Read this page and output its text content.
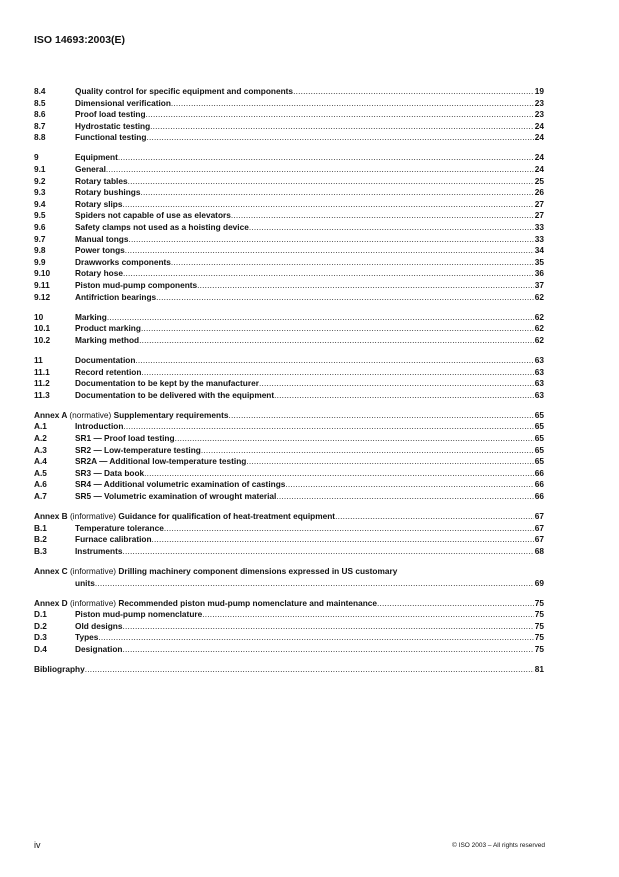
ISO 14693:2003(E)
8.4	Quality control for specific equipment and components .....	19
8.5	Dimensional verification .....	23
8.6	Proof load testing .....	23
8.7	Hydrostatic testing .....	24
8.8	Functional testing .....	24
9	Equipment .....	24
9.1	General .....	24
9.2	Rotary tables .....	25
9.3	Rotary bushings .....	26
9.4	Rotary slips .....	27
9.5	Spiders not capable of use as elevators .....	27
9.6	Safety clamps not used as a hoisting device .....	33
9.7	Manual tongs .....	33
9.8	Power tongs .....	34
9.9	Drawworks components .....	35
9.10	Rotary hose .....	36
9.11	Piston mud-pump components .....	37
9.12	Antifriction bearings .....	62
10	Marking .....	62
10.1	Product marking .....	62
10.2	Marking method .....	62
11	Documentation .....	63
11.1	Record retention .....	63
11.2	Documentation to be kept by the manufacturer .....	63
11.3	Documentation to be delivered with the equipment .....	63
Annex A (normative) Supplementary requirements .....	65
A.1	Introduction .....	65
A.2	SR1 — Proof load testing .....	65
A.3	SR2 — Low-temperature testing .....	65
A.4	SR2A — Additional low-temperature testing .....	65
A.5	SR3 — Data book .....	66
A.6	SR4 — Additional volumetric examination of castings .....	66
A.7	SR5 — Volumetric examination of wrought material .....	66
Annex B (informative) Guidance for qualification of heat-treatment equipment .....	67
B.1	Temperature tolerance .....	67
B.2	Furnace calibration .....	67
B.3	Instruments .....	68
Annex C (informative) Drilling machinery component dimensions expressed in US customary
units .....	69
Annex D (informative) Recommended piston mud-pump nomenclature and maintenance .....	75
D.1	Piston mud-pump nomenclature .....	75
D.2	Old designs .....	75
D.3	Types .....	75
D.4	Designation .....	75
Bibliography .....	81
iv	© ISO 2003 – All rights reserved
